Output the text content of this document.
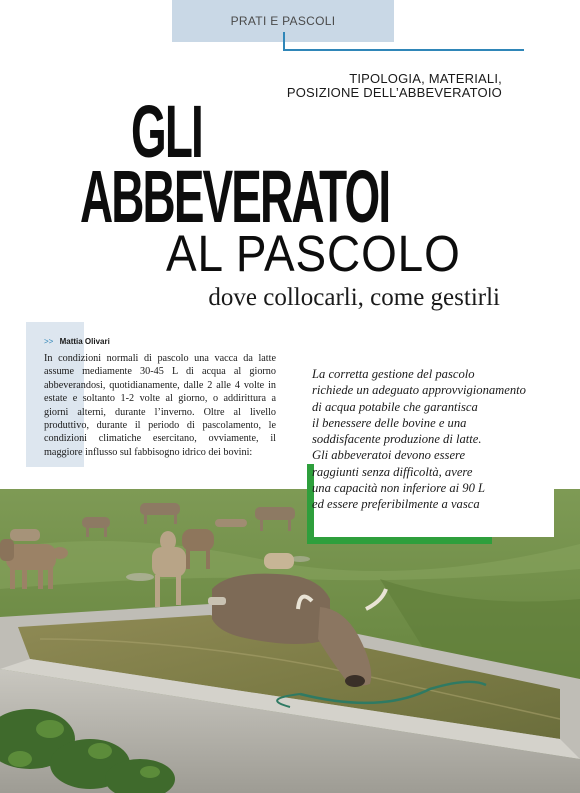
PRATI E PASCOLI
TIPOLOGIA, MATERIALI,
POSIZIONE DELL’ABBEVERATOIO
GLI
ABBEVERATOI
AL PASCOLO
dove collocarli, come gestirli
>> Mattia Olivari

In condizioni normali di pascolo una vacca da latte assume mediamente 30-45 L di acqua al giorno abbeverandosi, quotidianamente, dalle 2 alle 4 volte in estate e soltanto 1-2 volte al giorno, o addirittura a giorni alterni, durante l’inverno. Oltre al livello produttivo, durante il periodo di pascolamento, le condizioni climatiche esercitano, ovviamente, il maggiore influsso sul fabbisogno idrico dei bovini:

La corretta gestione del pascolo
richiede un adeguato approvvigionamento
di acqua potabile che garantisca
il benessere delle bovine e una
soddisfacente produzione di latte.
Gli abbeveratoi devono essere
raggiunti senza difficoltà, avere
una capacità non inferiore ai 90 L
ed essere preferibilmente a vasca
